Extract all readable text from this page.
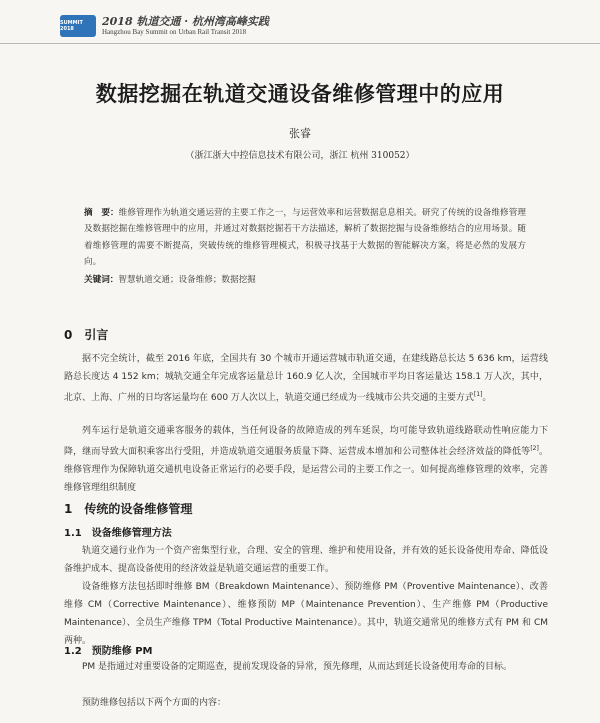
SUMMIT 2018
2018 轨道交通 · 杭州湾高峰实践
Hangzhou Bay Summit on Urban Rail Transit 2018
数据挖掘在轨道交通设备维修管理中的应用
张睿
（浙江浙大中控信息技术有限公司，浙江 杭州 310052）
摘　要：维修管理作为轨道交通运营的主要工作之一，与运营效率和运营数据息息相关。研究了传统的设备维修管理及数据挖掘在维修管理中的应用，并通过对数据挖掘若干方法描述，解析了数据挖掘与设备维修结合的应用场景。随着维修管理的需要不断提高，突破传统的维修管理模式，积极寻找基于大数据的智能解决方案，将是必然的发展方向。
关键词：智慧轨道交通；设备维修；数据挖掘
0　引言
据不完全统计，截至 2016 年底，全国共有 30 个城市开通运营城市轨道交通，在建线路总长达 5 636 km，运营线路总长度达 4 152 km；城轨交通全年完成客运量总计 160.9 亿人次，全国城市平均日客运量达 158.1 万人次，其中，北京、上海、广州的日均客运量均在 600 万人次以上，轨道交通已经成为一线城市公共交通的主要方式[1]。
列车运行是轨道交通乘客服务的载体，当任何设备的故障造成的列车延误，均可能导致轨道线路联动性响应能力下降，继而导致大面积乘客出行受阻，并造成轨道交通服务质量下降、运营成本增加和公司整体社会经济效益的降低等[2]。维修管理作为保障轨道交通机电设备正常运行的必要手段，是运营公司的主要工作之一。如何提高维修管理的效率，完善维修管理组织制度
1　传统的设备维修管理
1.1　设备维修管理方法
轨道交通行业作为一个资产密集型行业，合理、安全的管理、维护和使用设备，并有效的延长设备使用寿命、降低设备维护成本、提高设备使用的经济效益是轨道交通运营的重要工作。
设备维修方法包括即时维修 BM（Breakdown Maintenance）、预防维修 PM（Proventive Maintenance）、改善维修 CM（Corrective Maintenance）、维修预防 MP（Maintenance Prevention）、生产维修 PM（Productive Maintenance）、全员生产维修 TPM（Total Productive Maintenance）。其中，轨道交通常见的维修方式有 PM 和 CM 两种。
1.2　预防维修 PM
PM 是指通过对重要设备的定期巡查，提前发现设备的异常，预先修理，从而达到延长设备使用寿命的目标。
预防维修包括以下两个方面的内容：
